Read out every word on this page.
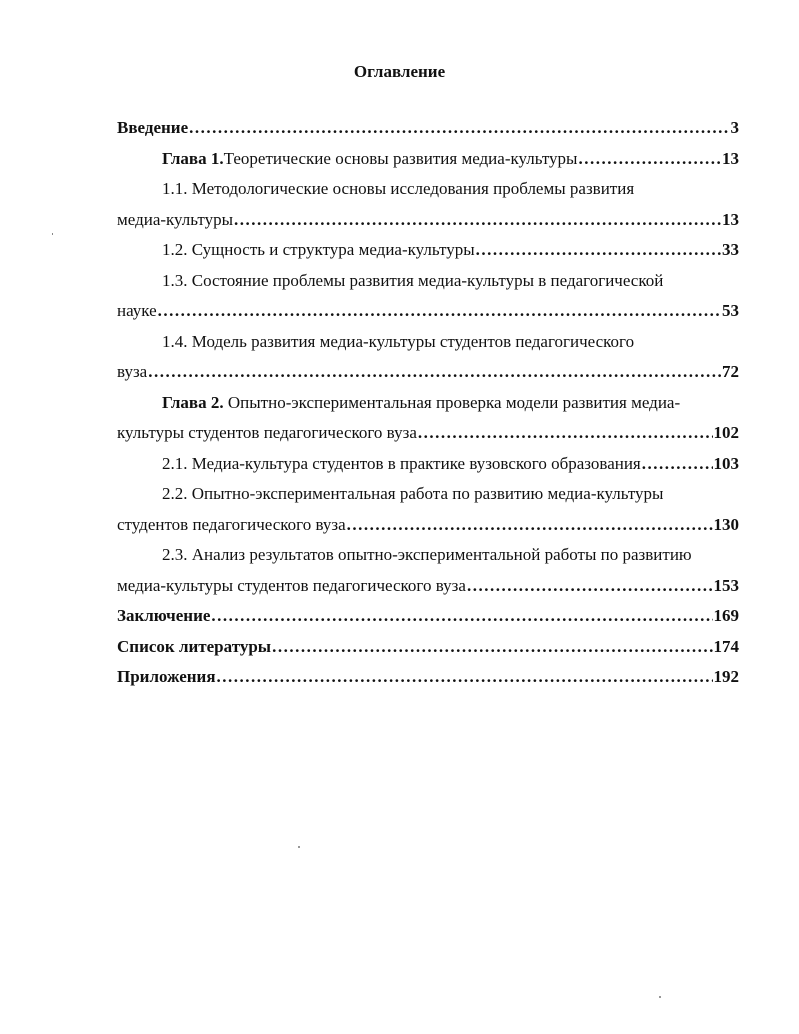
Оглавление
Введение .....	3
Глава 1. Теоретические основы развития медиа-культуры .....	13
1.1. Методологические основы исследования проблемы развития
медиа-культуры .....	13
1.2. Сущность и структура медиа-культуры .....	33
1.3. Состояние проблемы развития медиа-культуры в педагогической
науке .....	53
1.4. Модель развития медиа-культуры студентов педагогического
вуза .....	72
Глава 2. Опытно-экспериментальная проверка модели развития медиа-
культуры студентов педагогического вуза .....	102
2.1. Медиа-культура студентов в практике вузовского образования .....	103
2.2. Опытно-экспериментальная работа по развитию медиа-культуры
студентов педагогического вуза .....	130
2.3. Анализ результатов опытно-экспериментальной работы по развитию
медиа-культуры студентов педагогического вуза .....	153
Заключение .....	169
Список литературы .....	174
Приложения .....	192
